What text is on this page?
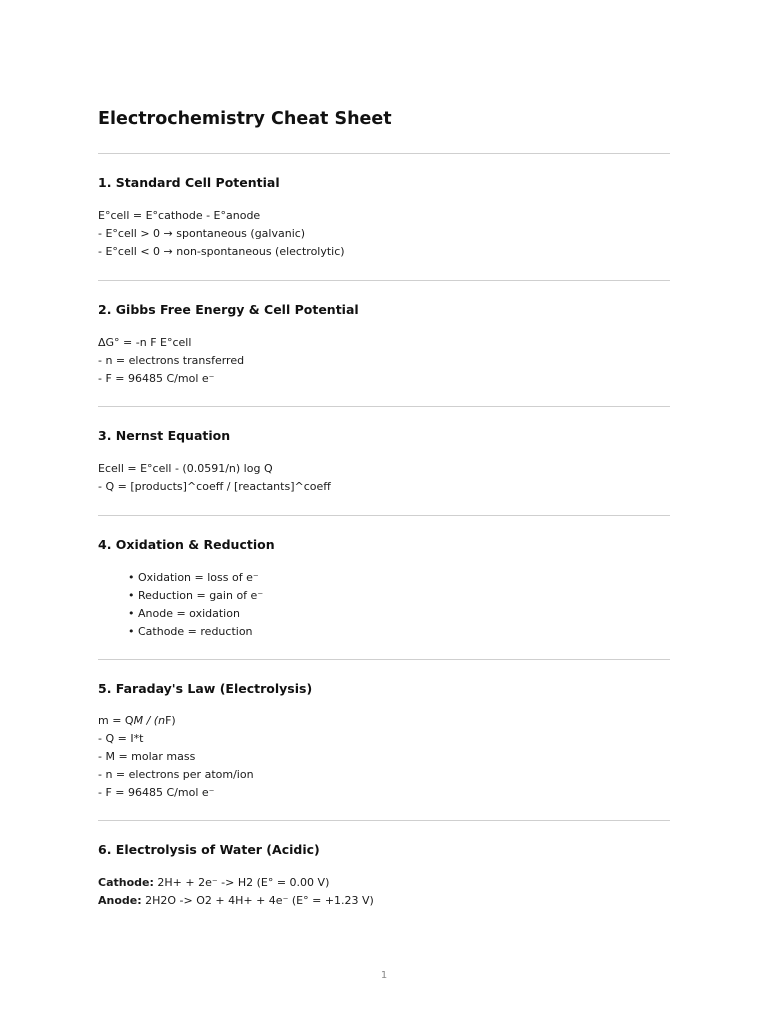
Electrochemistry Cheat Sheet
1. Standard Cell Potential
E°cell = E°cathode - E°anode
- E°cell > 0 → spontaneous (galvanic)
- E°cell < 0 → non-spontaneous (electrolytic)
2. Gibbs Free Energy & Cell Potential
ΔG° = -n F E°cell
- n = electrons transferred
- F = 96485 C/mol e⁻
3. Nernst Equation
Ecell = E°cell - (0.0591/n) log Q
- Q = [products]^coeff / [reactants]^coeff
4. Oxidation & Reduction
• Oxidation = loss of e⁻
• Reduction = gain of e⁻
• Anode = oxidation
• Cathode = reduction
5. Faraday's Law (Electrolysis)
m = QM / (nF)
- Q = I*t
- M = molar mass
- n = electrons per atom/ion
- F = 96485 C/mol e⁻
6. Electrolysis of Water (Acidic)
Cathode: 2H+ + 2e⁻ -> H2 (E° = 0.00 V)
Anode: 2H2O -> O2 + 4H+ + 4e⁻ (E° = +1.23 V)
1
